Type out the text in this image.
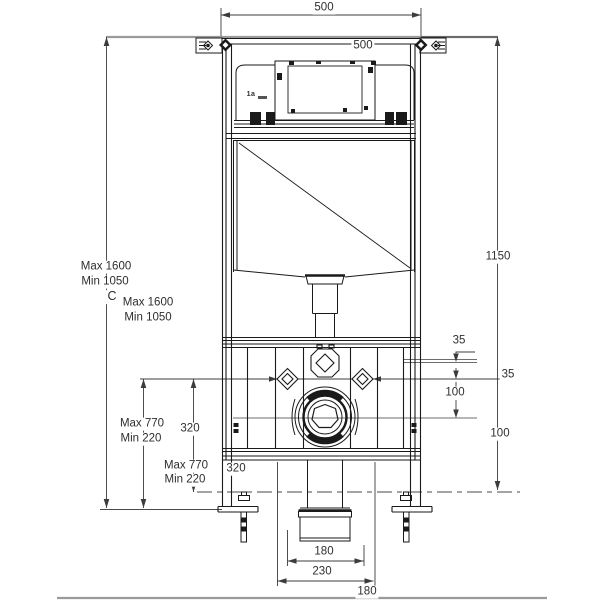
500
500
Max 1600
Min 1050
C Max 1600
Min 1050
1150
35
35
100
100
Max 770
Min 220
320
Max 770
Min 220
320
180
230
180
1a
